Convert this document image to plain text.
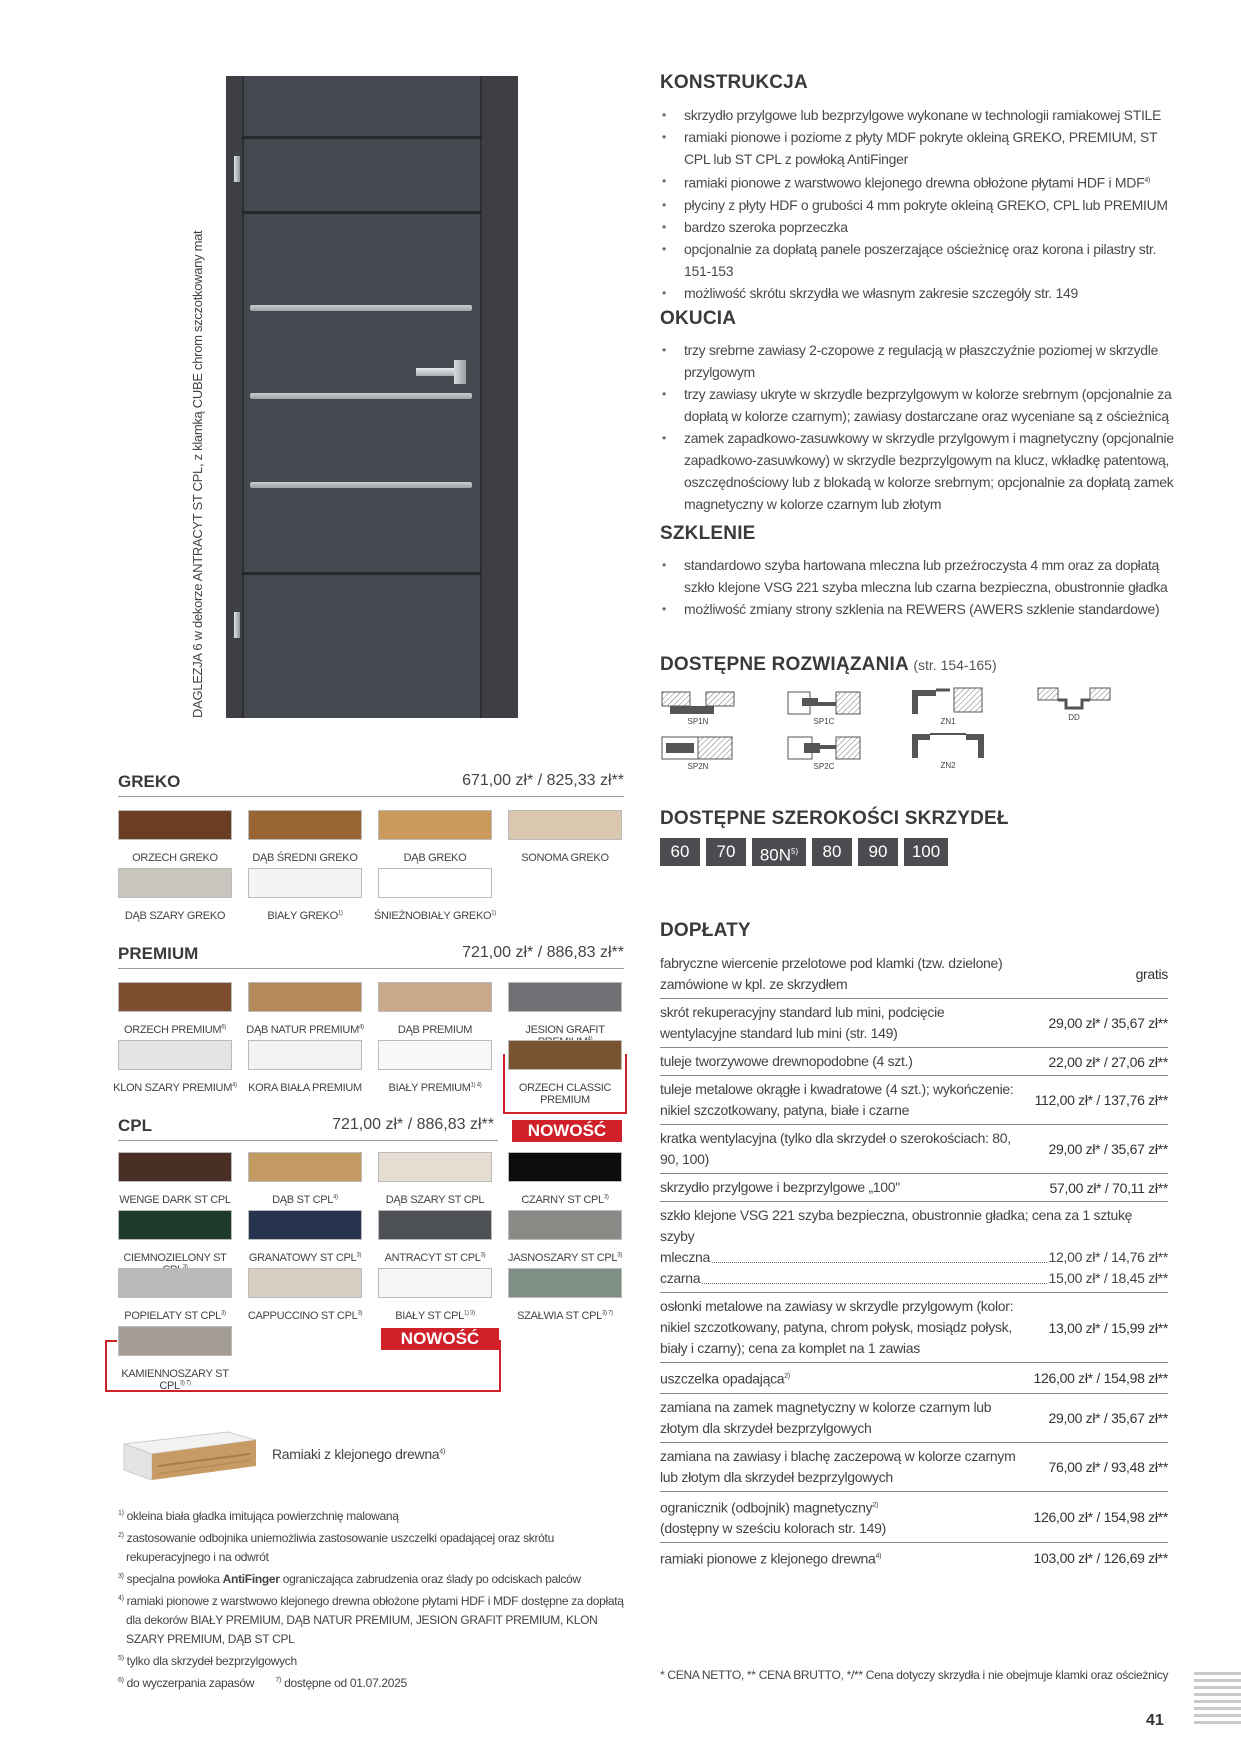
DAGLEZJA 6 w dekorze ANTRACYT ST CPL, z klamką CUBE chrom szczotkowany mat
KONSTRUKCJA
• skrzydło przylgowe lub bezprzylgowe wykonane w technologii ramiakowej STILE
• ramiaki pionowe i poziome z płyty MDF pokryte okleiną GREKO, PREMIUM, ST CPL lub ST CPL z powłoką AntiFinger
• ramiaki pionowe z warstwowo klejonego drewna obłożone płytami HDF i MDF$^{4)}$
• płyciny z płyty HDF o grubości 4 mm pokryte okleiną GREKO, CPL lub PREMIUM
• bardzo szeroka poprzeczka
• opcjonalnie za dopłatą panele poszerzające ościeżnicę oraz korona i pilastry str. 151-153
• możliwość skrótu skrzydła we własnym zakresie szczegóły str. 149
OKUCIA
• trzy srebrne zawiasy 2-czopowe z regulacją w płaszczyźnie poziomej w skrzydle przylgowym
• trzy zawiasy ukryte w skrzydle bezprzylgowym w kolorze srebrnym (opcjonalnie za dopłatą w kolorze czarnym); zawiasy dostarczane oraz wyceniane są z ościeżnicą
• zamek zapadkowo-zasuwkowy w skrzydle przylgowym i magnetyczny (opcjonalnie zapadkowo-zasuwkowy) w skrzydle bezprzylgowym na klucz, wkładkę patentową, oszczędnościowy lub z blokadą w kolorze srebrnym; opcjonalnie za dopłatą zamek magnetyczny w kolorze czarnym lub złotym
SZKLENIE
• standardowo szyba hartowana mleczna lub przeźroczysta 4 mm oraz za dopłatą szkło klejone VSG 221 szyba mleczna lub czarna bezpieczna, obustronnie gładka
• możliwość zmiany strony szklenia na REWERS (AWERS szklenie standardowe)
DOSTĘPNE ROZWIĄZANIA (str. 154-165)
SP1N	SP1C	ZN1	DD
SP2N	SP2C	ZN2
DOSTĘPNE SZEROKOŚCI SKRZYDEŁ
60	70	$80N^{5)}$	80	90	100
DOPŁATY
fabryczne wiercenie przelotowe pod klamki (tzw. dzielone) zamówione w kpl. ze skrzydłem
gratis
skrót rekuperacyjny standard lub mini, podcięcie wentylacyjne standard lub mini (str. 149)
29,00 zł* / 35,67 zł**
tuleje tworzywowe drewnopodobne (4 szt.)	22,00 zł* / 27,06 zł**
tuleje metalowe okrągłe i kwadratowe (4 szt.); wykończenie: nikiel szczotkowany, patyna, białe i czarne
112,00 zł* / 137,76 zł**
kratka wentylacyjna (tylko dla skrzydeł o szerokościach: 80, 90, 100)
29,00 zł* / 35,67 zł**
skrzydło przylgowe i bezprzylgowe „100"	57,00 zł* / 70,11 zł**
szkło klejone VSG 221 szyba bezpieczna, obustronnie gładka; cena za 1 sztukę szyby
mleczna	12,00 zł* / 14,76 zł**
czarna	15,00 zł* / 18,45 zł**
osłonki metalowe na zawiasy w skrzydle przylgowym (kolor: nikiel szczotkowany, patyna, chrom połysk, mosiądz połysk, biały i czarny); cena za komplet na 1 zawias
13,00 zł* / 15,99 zł**
uszczelka opadająca$^{2)}$	126,00 zł* / 154,98 zł**
zamiana na zamek magnetyczny w kolorze czarnym lub złotym dla skrzydeł bezprzylgowych
29,00 zł* / 35,67 zł**
zamiana na zawiasy i blachę zaczepową w kolorze czarnym lub złotym dla skrzydeł bezprzylgowych
76,00 zł* / 93,48 zł**
ogranicznik (odbojnik) magnetyczny$^{2)}$
(dostępny w sześciu kolorach str. 149)
126,00 zł* / 154,98 zł**
ramiaki pionowe z klejonego drewna$^{4)}$	103,00 zł* / 126,69 zł**
* CENA NETTO, ** CENA BRUTTO, */** Cena dotyczy skrzydła i nie obejmuje klamki oraz ościeżnicy
41
GREKO	671,00 zł* / 825,33 zł**
ORZECH GREKO	DĄB ŚREDNI GREKO	DĄB GREKO	SONOMA GREKO
DĄB SZARY GREKO	BIAŁY GREKO$^{1)}$	ŚNIEŻNOBIAŁY GREKO$^{1)}$
ORZECH PREMIUM$^{6)}$	DĄB NATUR PREMIUM$^{4)}$	DĄB PREMIUM	JESION GRAFIT
KLON SZARY PREMIUM$^{4)}$	KORA BIAŁA PREMIUM	BIAŁY $PREMIUM^{1) 4)}$	ORZECH CLASSIC PREMIUM
WENGE DARK ST CPL	DĄB ST CPL$^{4)}$	DĄB SZARY ST CPL	CZARNY ST CPL$^{3)}$
CIEMNOZIELONY ST	GRANATOWY ST CPL$^{3)}$	ANTRACYT ST CPL$^{3)}$	JASNOSZARY ST CPL$^{3)}$
POPIELATY ST CPL$^{3)}$	CAPPUCCINO ST CPL$^{3)}$	BIAŁY ST $CPL^{1) 3)}$	SZAŁWIA ST $CPL^{3) 7)}$
KAMIENNOSZARY ST $CPL^{3) 7)}$
PREMIUM	721,00 zł* / 886,83 zł**
NOWOŚĆ
CPL	721,00 zł* / 886,83 zł**
NOWOŚĆ
Ramiaki z klejonego drewna$^{4)}$
$^{1)}$ okleina biała gładka imitująca powierzchnię malowaną
$^{2)}$ zastosowanie odbojnika uniemożliwia zastosowanie uszczelki opadającej oraz skrótu rekuperacyjnego i na odwrót
$^{3)}$ specjalna powłoka AntiFinger ograniczająca zabrudzenia oraz ślady po odciskach palców
$^{4)}$ ramiaki pionowe z warstwowo klejonego drewna obłożone płytami HDF i MDF dostępne za dopłatą dla dekorów BIAŁY PREMIUM, DĄB NATUR PREMIUM, JESION GRAFIT PREMIUM, KLON SZARY PREMIUM, DĄB ST CPL
$^{5)}$ tylko dla skrzydeł bezprzylgowych
$^{6)}$ do wyczerpania zapasów	$^{7)}$ dostępne od 01.07.2025
